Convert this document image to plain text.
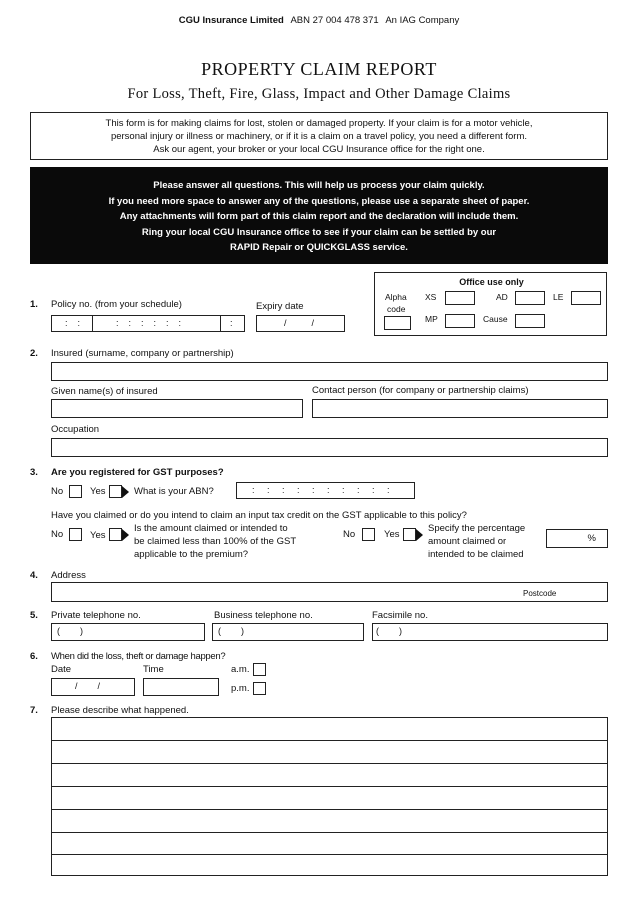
CGU Insurance Limited ABN 27 004 478 371 An IAG Company
PROPERTY CLAIM REPORT
For Loss, Theft, Fire, Glass, Impact and Other Damage Claims
This form is for making claims for lost, stolen or damaged property. If your claim is for a motor vehicle,
personal injury or illness or machinery, or if it is a claim on a travel policy, you need a different form.
Ask our agent, your broker or your local CGU Insurance office for the right one.
Please answer all questions. This will help us process your claim quickly.
If you need more space to answer any of the questions, please use a separate sheet of paper.
Any attachments will form part of this claim report and the declaration will include them.
Ring your local CGU Insurance office to see if your claim can be settled by our
RAPID Repair or QUICKGLASS service.
Office use only
Alpha
code
XS	AD	LE
MP	Cause
1. Policy no. (from your schedule)	Expiry date
:    :	:    :    :    :    :    :	:	/          /
2. Insured (surname, company or partnership)
Given name(s) of insured	Contact person (for company or partnership claims)
Occupation
3. Are you registered for GST purposes?
No	Yes	What is your ABN?	:     :     :     :     :     :     :     :     :     :
Have you claimed or do you intend to claim an input tax credit on the GST applicable to this policy?
No	Yes
Is the amount claimed or intended to
be claimed less than 100% of the GST
applicable to the premium?
No	Yes
Specify the percentage
amount claimed or
intended to be claimed
%
4. Address
Postcode
5. Private telephone no.	Business telephone no.	Facsimile no.
(        )	(        )	(        )
6. When did the loss, theft or damage happen?
Date	Time	a.m.
/        /	p.m.
7. Please describe what happened.
